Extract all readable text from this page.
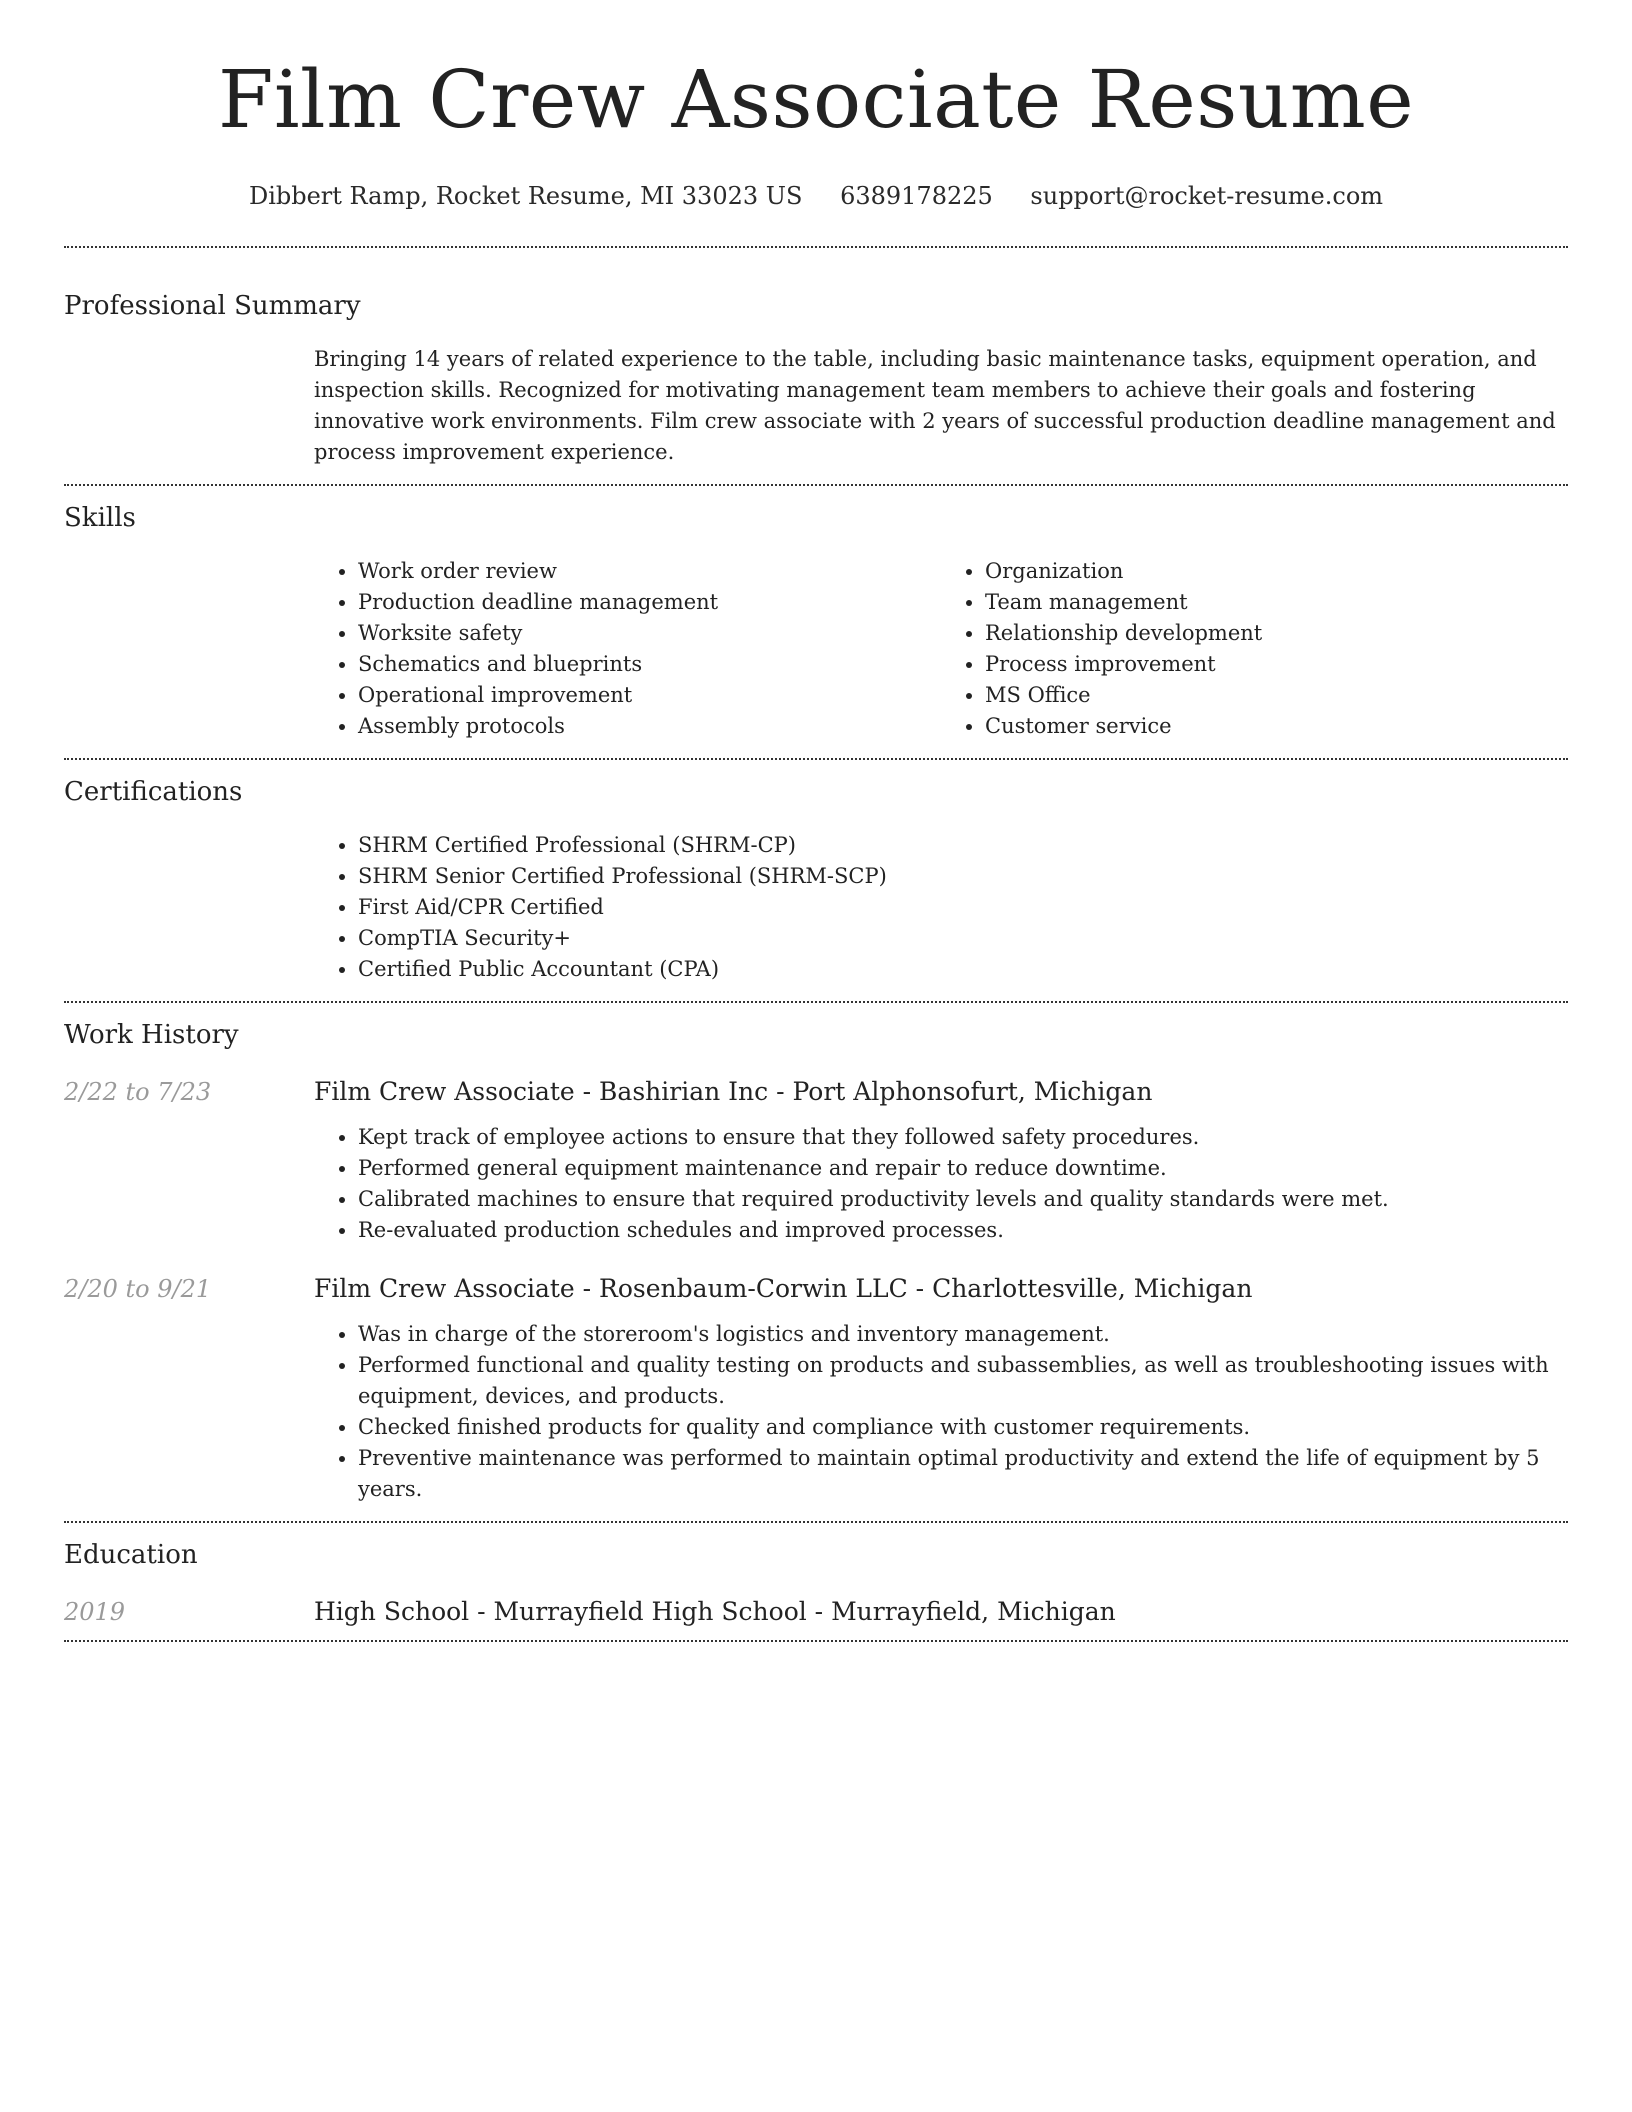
Film Crew Associate Resume
Dibbert Ramp, Rocket Resume, MI 33023 US 6389178225 support@rocket-resume.com
Professional Summary
Bringing 14 years of related experience to the table, including basic maintenance tasks, equipment operation, and inspection skills. Recognized for motivating management team members to achieve their goals and fostering innovative work environments. Film crew associate with 2 years of successful production deadline management and process improvement experience.
Skills
• Work order review
• Production deadline management
• Worksite safety
• Schematics and blueprints
• Operational improvement
• Assembly protocols
• Organization
• Team management
• Relationship development
• Process improvement
• MS Office
• Customer service
Certifications
• SHRM Certified Professional (SHRM-CP)
• SHRM Senior Certified Professional (SHRM-SCP)
• First Aid/CPR Certified
• CompTIA Security+
• Certified Public Accountant (CPA)
Work History
2/22 to 7/23	Film Crew Associate - Bashirian Inc - Port Alphonsofurt, Michigan
• Kept track of employee actions to ensure that they followed safety procedures.
• Performed general equipment maintenance and repair to reduce downtime.
• Calibrated machines to ensure that required productivity levels and quality standards were met.
• Re-evaluated production schedules and improved processes.
2/20 to 9/21	Film Crew Associate - Rosenbaum-Corwin LLC - Charlottesville, Michigan
• Was in charge of the storeroom's logistics and inventory management.
• Performed functional and quality testing on products and subassemblies, as well as troubleshooting issues with equipment, devices, and products.
• Checked finished products for quality and compliance with customer requirements.
• Preventive maintenance was performed to maintain optimal productivity and extend the life of equipment by 5 years.
Education
2019	High School - Murrayfield High School - Murrayfield, Michigan
